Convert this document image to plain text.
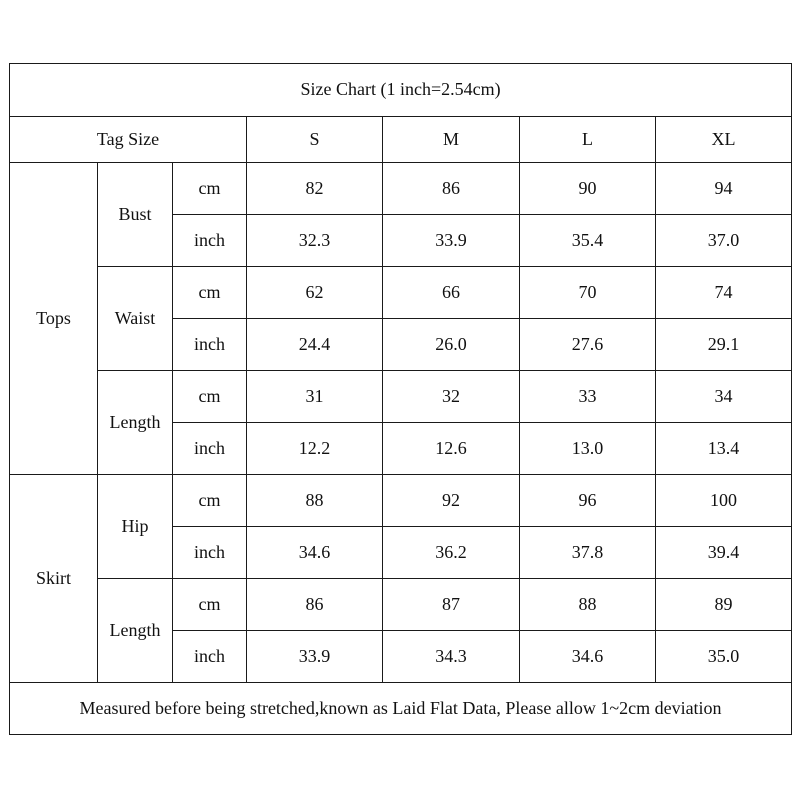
Size Chart (1 inch=2.54cm)						
Tag Size			S	M	L	XL
Tops	Bust	cm	82	86	90	94
		inch	32.3	33.9	35.4	37.0
	Waist	cm	62	66	70	74
		inch	24.4	26.0	27.6	29.1
	Length	cm	31	32	33	34
		inch	12.2	12.6	13.0	13.4
Skirt	Hip	cm	88	92	96	100
		inch	34.6	36.2	37.8	39.4
	Length	cm	86	87	88	89
		inch	33.9	34.3	34.6	35.0
Measured before being stretched,known as Laid Flat Data, Please allow 1~2cm deviation						
